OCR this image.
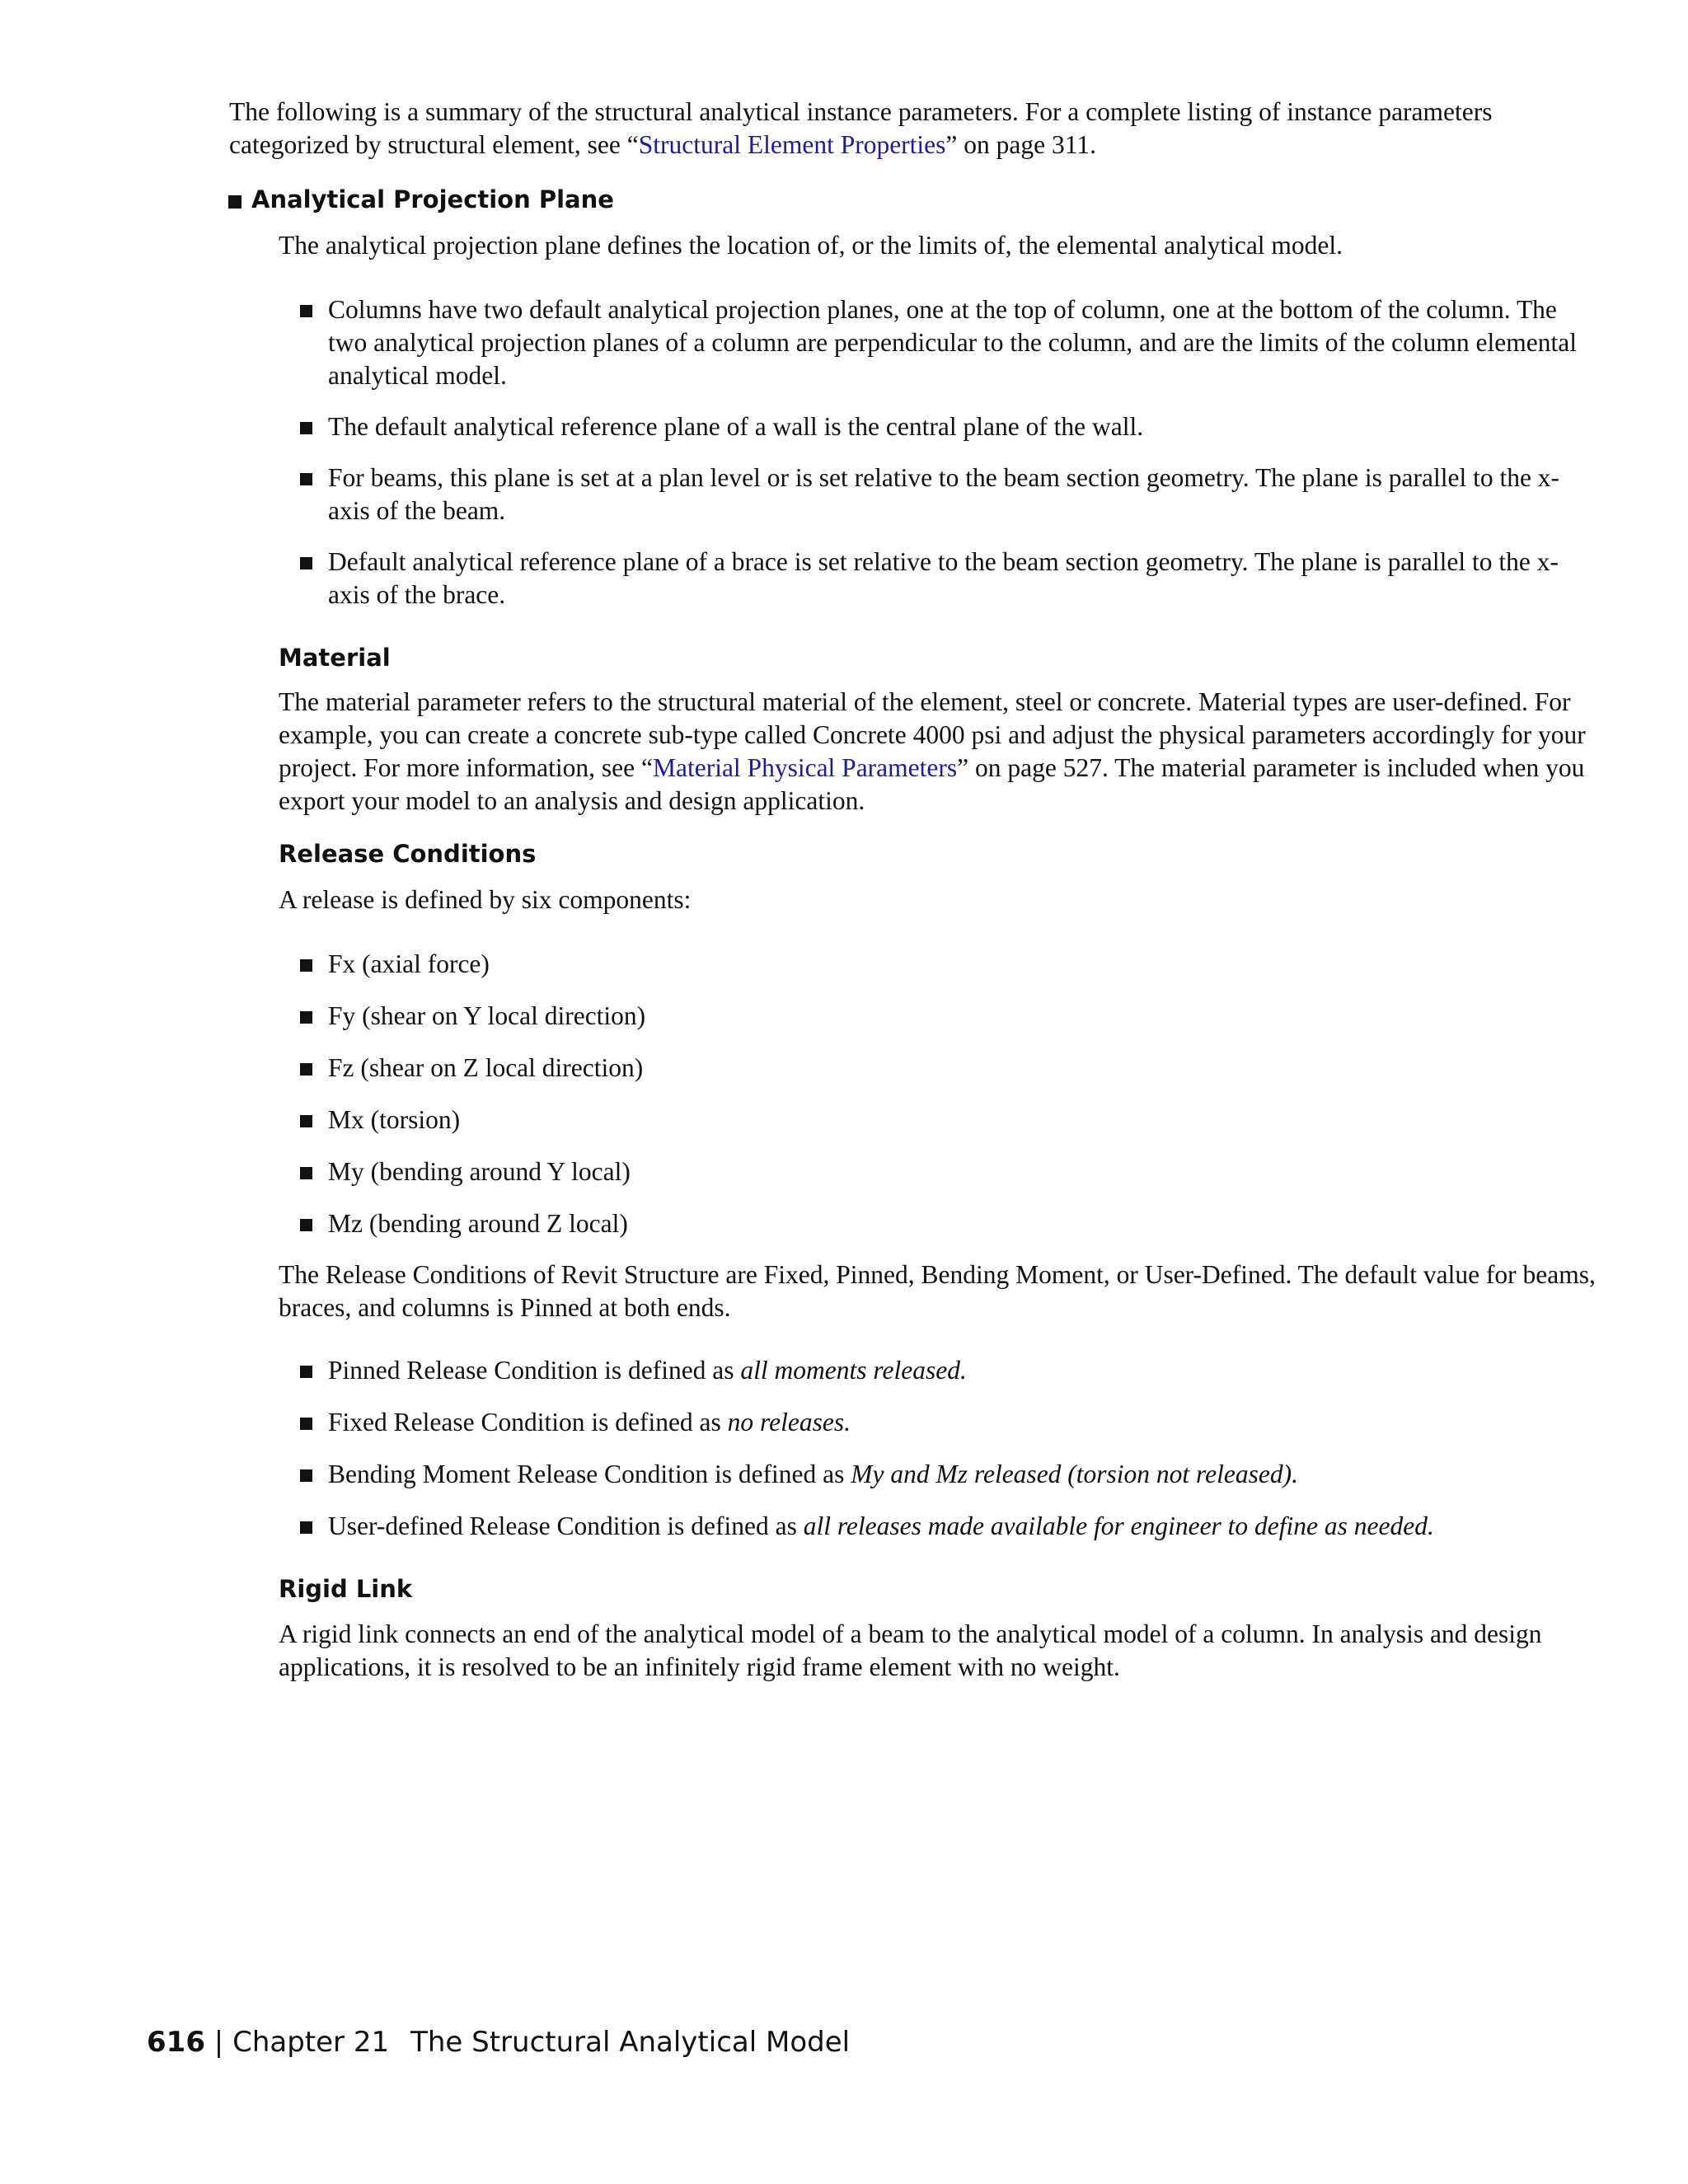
The following is a summary of the structural analytical instance parameters. For a complete listing of instance parameters categorized by structural element, see “Structural Element Properties” on page 311.

Analytical Projection Plane

The analytical projection plane defines the location of, or the limits of, the elemental analytical model.

Columns have two default analytical projection planes, one at the top of column, one at the bottom of the column. The two analytical projection planes of a column are perpendicular to the column, and are the limits of the column elemental analytical model.
The default analytical reference plane of a wall is the central plane of the wall.
For beams, this plane is set at a plan level or is set relative to the beam section geometry. The plane is parallel to the x-axis of the beam.
Default analytical reference plane of a brace is set relative to the beam section geometry. The plane is parallel to the x-axis of the brace.
Material

The material parameter refers to the structural material of the element, steel or concrete. Material types are user-defined. For example, you can create a concrete sub-type called Concrete 4000 psi and adjust the physical parameters accordingly for your project. For more information, see “Material Physical Parameters” on page 527. The material parameter is included when you export your model to an analysis and design application.

Release Conditions

A release is defined by six components:

Fx (axial force)
Fy (shear on Y local direction)
Fz (shear on Z local direction)
Mx (torsion)
My (bending around Y local)
Mz (bending around Z local)

The Release Conditions of Revit Structure are Fixed, Pinned, Bending Moment, or User-Defined. The default value for beams, braces, and columns is Pinned at both ends.

Pinned Release Condition is defined as all moments released.
Fixed Release Condition is defined as no releases.
Bending Moment Release Condition is defined as My and Mz released (torsion not released).
User-defined Release Condition is defined as all releases made available for engineer to define as needed.
Rigid Link

A rigid link connects an end of the analytical model of a beam to the analytical model of a column. In analysis and design applications, it is resolved to be an infinitely rigid frame element with no weight.

616 | Chapter 21 The Structural Analytical Model
